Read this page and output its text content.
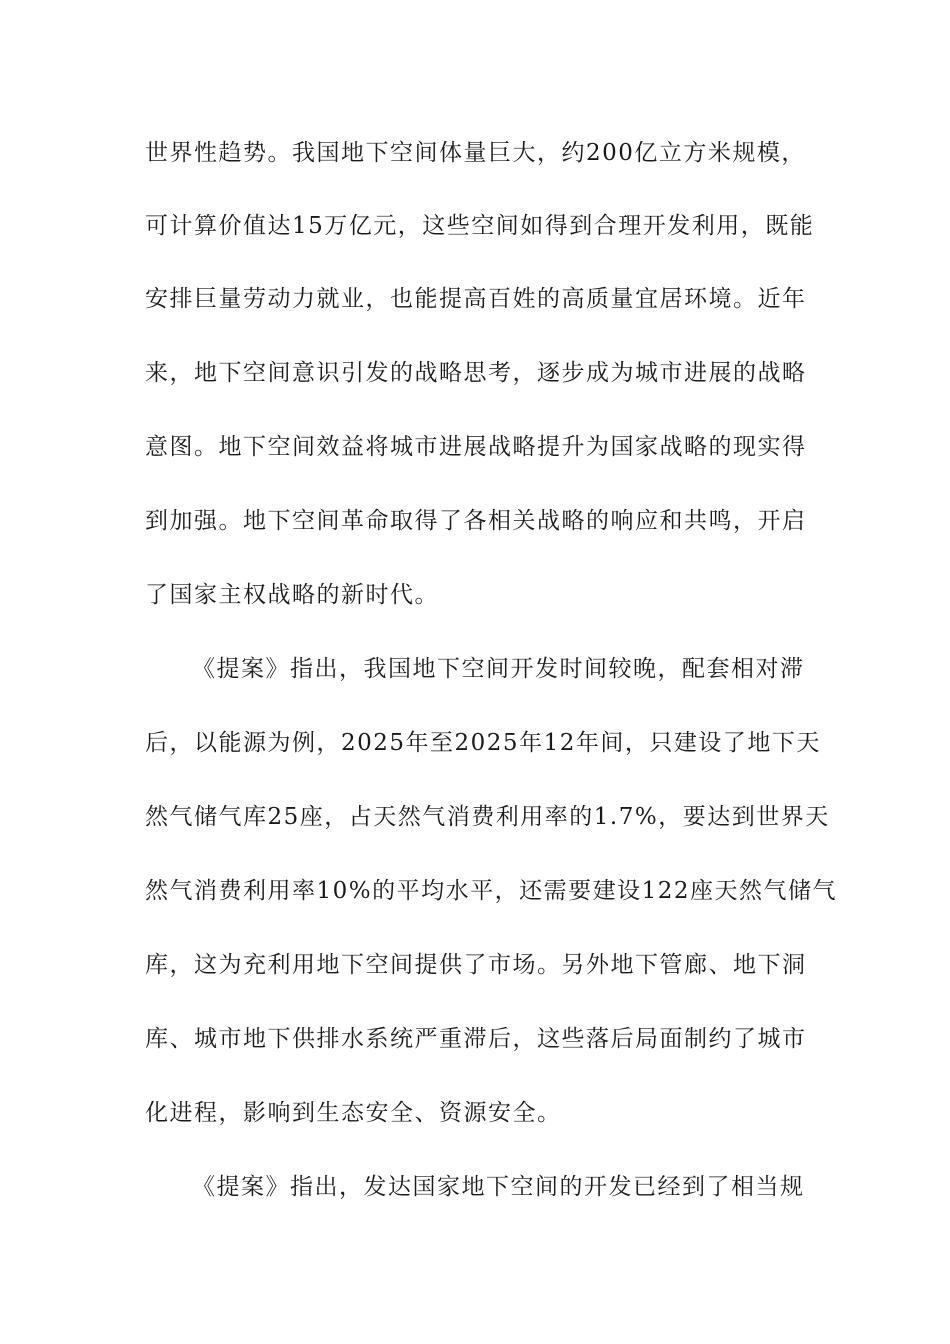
世界性趋势。我国地下空间体量巨大，约200亿立方米规模，
可计算价值达15万亿元，这些空间如得到合理开发利用，既能
安排巨量劳动力就业，也能提高百姓的高质量宜居环境。近年
来，地下空间意识引发的战略思考，逐步成为城市进展的战略
意图。地下空间效益将城市进展战略提升为国家战略的现实得
到加强。地下空间革命取得了各相关战略的响应和共鸣，开启
了国家主权战略的新时代。
《提案》指出，我国地下空间开发时间较晚，配套相对滞
后，以能源为例，2025年至2025年12年间，只建设了地下天
然气储气库25座，占天然气消费利用率的1.7%，要达到世界天
然气消费利用率10%的平均水平，还需要建设122座天然气储气
库，这为充利用地下空间提供了市场。另外地下管廊、地下洞
库、城市地下供排水系统严重滞后，这些落后局面制约了城市
化进程，影响到生态安全、资源安全。
《提案》指出，发达国家地下空间的开发已经到了相当规
